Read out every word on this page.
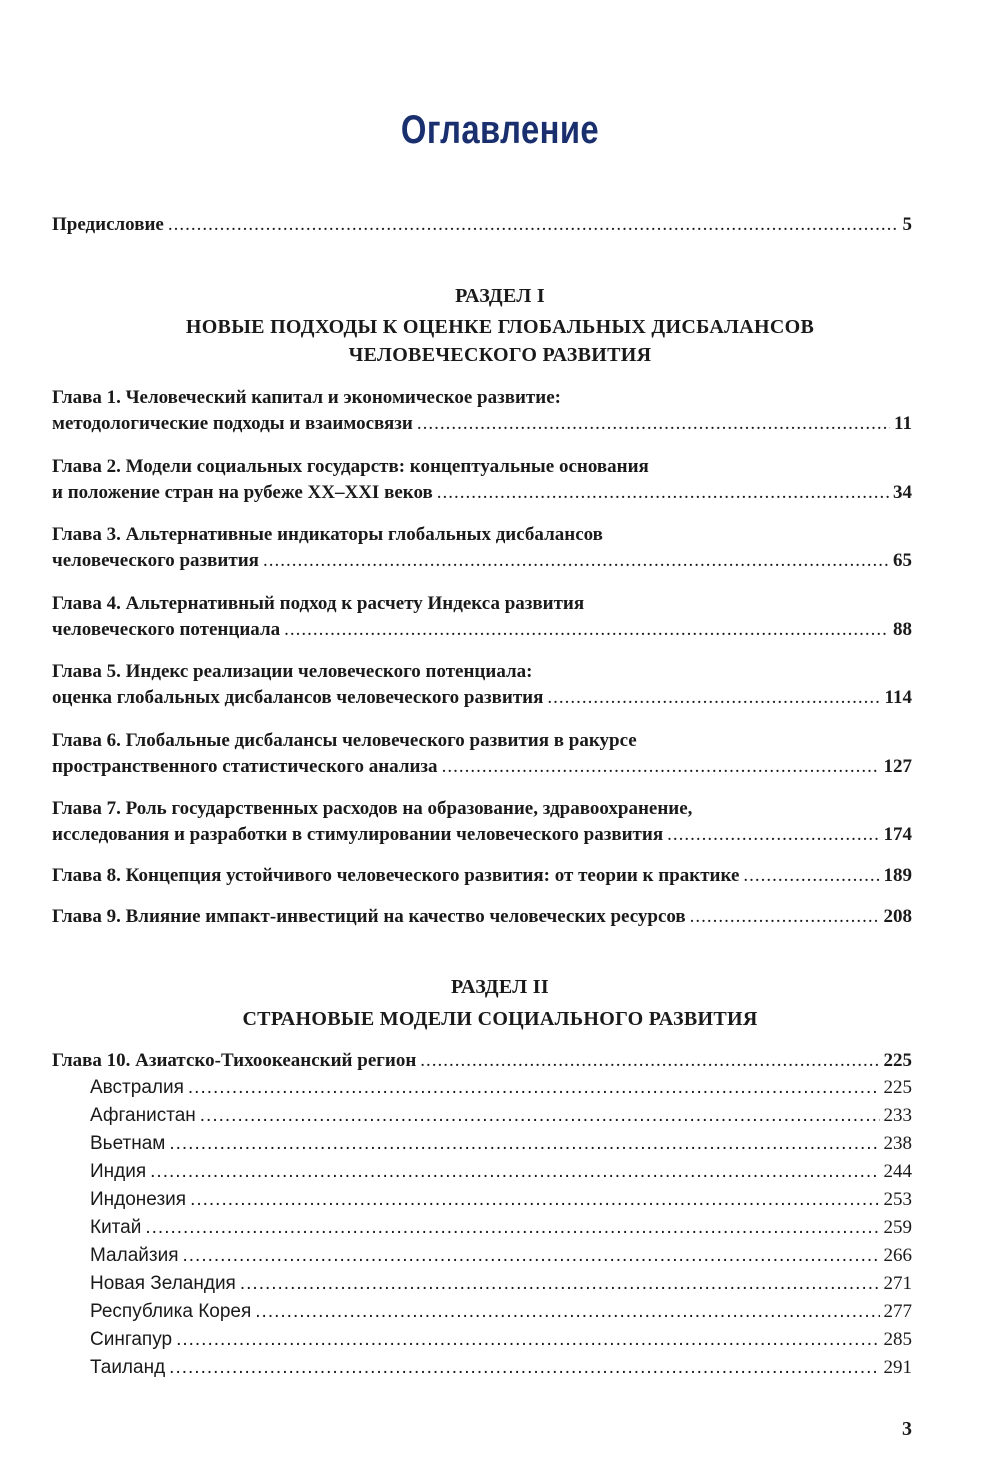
Оглавление
Предисловие .....	5
РАЗДЕЛ I
НОВЫЕ ПОДХОДЫ К ОЦЕНКЕ ГЛОБАЛЬНЫХ ДИСБАЛАНСОВ
ЧЕЛОВЕЧЕСКОГО РАЗВИТИЯ
Глава 1. Человеческий капитал и экономическое развитие:
методологические подходы и взаимосвязи .....	11
Глава 2. Модели социальных государств: концептуальные основания
и положение стран на рубеже XX–XXI веков .....	34
Глава 3. Альтернативные индикаторы глобальных дисбалансов
человеческого развития .....	65
Глава 4. Альтернативный подход к расчету Индекса развития
человеческого потенциала .....	88
Глава 5. Индекс реализации человеческого потенциала:
оценка глобальных дисбалансов человеческого развития .....	114
Глава 6. Глобальные дисбалансы человеческого развития в ракурсе
пространственного статистического анализа .....	127
Глава 7. Роль государственных расходов на образование, здравоохранение,
исследования и разработки в стимулировании человеческого развития .....	174
Глава 8. Концепция устойчивого человеческого развития: от теории к практике .....	189
Глава 9. Влияние импакт-инвестиций на качество человеческих ресурсов .....	208
РАЗДЕЛ II
СТРАНОВЫЕ МОДЕЛИ СОЦИАЛЬНОГО РАЗВИТИЯ
Глава 10. Азиатско-Тихоокеанский регион .....	225
Австралия .....	225
Афганистан .....	233
Вьетнам .....	238
Индия .....	244
Индонезия .....	253
Китай .....	259
Малайзия .....	266
Новая Зеландия .....	271
Республика Корея .....	277
Сингапур .....	285
Таиланд .....	291
3
